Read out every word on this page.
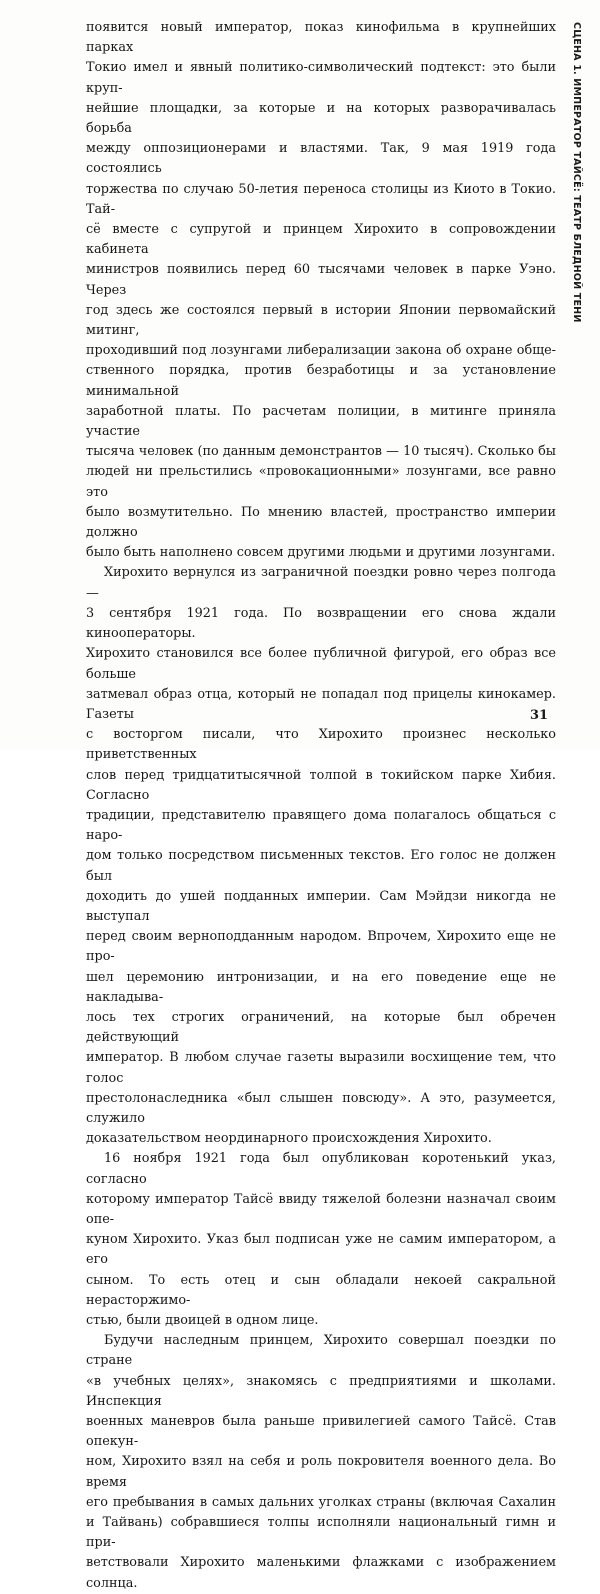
появится новый император, показ кинофильма в крупнейших парках
Токио имел и явный политико-символический подтекст: это были круп-
нейшие площадки, за которые и на которых разворачивалась борьба
между оппозиционерами и властями. Так, 9 мая 1919 года состоялись
торжества по случаю 50-летия переноса столицы из Киото в Токио. Тай-
сё вместе с супругой и принцем Хирохито в сопровождении кабинета
министров появились перед 60 тысячами человек в парке Уэно. Через
год здесь же состоялся первый в истории Японии первомайский митинг,
проходивший под лозунгами либерализации закона об охране обще-
ственного порядка, против безработицы и за установление минимальной
заработной платы. По расчетам полиции, в митинге приняла участие
тысяча человек (по данным демонстрантов — 10 тысяч). Сколько бы
людей ни прельстились «провокационными» лозунгами, все равно это
было возмутительно. По мнению властей, пространство империи должно
было быть наполнено совсем другими людьми и другими лозунгами.

Хирохито вернулся из заграничной поездки ровно через полгода —
3 сентября 1921 года. По возвращении его снова ждали кинооператоры.
Хирохито становился все более публичной фигурой, его образ все больше
затмевал образ отца, который не попадал под прицелы кинокамер. Газеты
с восторгом писали, что Хирохито произнес несколько приветственных
слов перед тридцатитысячной толпой в токийском парке Хибия. Согласно
традиции, представителю правящего дома полагалось общаться с наро-
дом только посредством письменных текстов. Его голос не должен был
доходить до ушей подданных империи. Сам Мэйдзи никогда не выступал
перед своим верноподданным народом. Впрочем, Хирохито еще не про-
шел церемонию интронизации, и на его поведение еще не накладыва-
лось тех строгих ограничений, на которые был обречен действующий
император. В любом случае газеты выразили восхищение тем, что голос
престолонаследника «был слышен повсюду». А это, разумеется, служило
доказательством неординарного происхождения Хирохито.

16 ноября 1921 года был опубликован коротенький указ, согласно
которому император Тайсё ввиду тяжелой болезни назначал своим опе-
куном Хирохито. Указ был подписан уже не самим императором, а его
сыном. То есть отец и сын обладали некоей сакральной нерасторжимо-
стью, были двоицей в одном лице.

Будучи наследным принцем, Хирохито совершал поездки по стране
«в учебных целях», знакомясь с предприятиями и школами. Инспекция
военных маневров была раньше привилегией самого Тайсё. Став опекун-
ном, Хирохито взял на себя и роль покровителя военного дела. Во время
его пребывания в самых дальних уголках страны (включая Сахалин
и Тайвань) собравшиеся толпы исполняли национальный гимн и при-
ветствовали Хирохито маленькими флажками с изображением солнца.

СЦЕНА 1. ИМПЕРАТОР ТАЙСЁ: ТЕАТР БЛЕДНОЙ ТЕНИ
31
